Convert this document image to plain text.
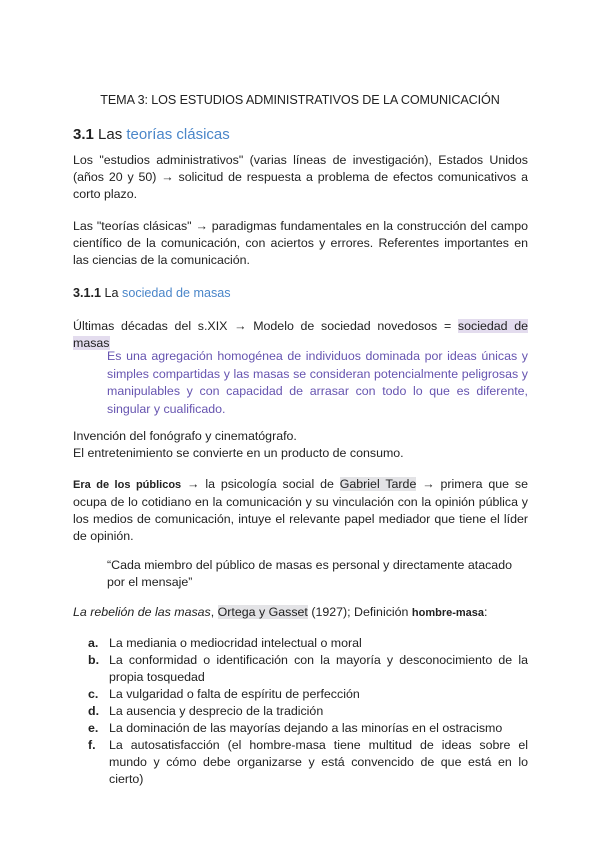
TEMA 3: LOS ESTUDIOS ADMINISTRATIVOS DE LA COMUNICACIÓN
3.1 Las teorías clásicas
Los "estudios administrativos" (varias líneas de investigación), Estados Unidos (años 20 y 50) → solicitud de respuesta a problema de efectos comunicativos a corto plazo.
Las "teorías clásicas" → paradigmas fundamentales en la construcción del campo científico de la comunicación, con aciertos y errores. Referentes importantes en las ciencias de la comunicación.
3.1.1 La sociedad de masas
Últimas décadas del s.XIX → Modelo de sociedad novedosos = sociedad de masas
Es una agregación homogénea de individuos dominada por ideas únicas y simples compartidas y las masas se consideran potencialmente peligrosas y manipulables y con capacidad de arrasar con todo lo que es diferente, singular y cualificado.
Invención del fonógrafo y cinematógrafo.
El entretenimiento se convierte en un producto de consumo.
Era de los públicos → la psicología social de Gabriel Tarde → primera que se ocupa de lo cotidiano en la comunicación y su vinculación con la opinión pública y los medios de comunicación, intuye el relevante papel mediador que tiene el líder de opinión.
“Cada miembro del público de masas es personal y directamente atacado por el mensaje”
La rebelión de las masas, Ortega y Gasset (1927); Definición hombre-masa:
a. La mediania o mediocridad intelectual o moral
b. La conformidad o identificación con la mayoría y desconocimiento de la propia tosquedad
c. La vulgaridad o falta de espíritu de perfección
d. La ausencia y desprecio de la tradición
e. La dominación de las mayorías dejando a las minorías en el ostracismo
f. La autosatisfacción (el hombre-masa tiene multitud de ideas sobre el mundo y cómo debe organizarse y está convencido de que está en lo cierto)
